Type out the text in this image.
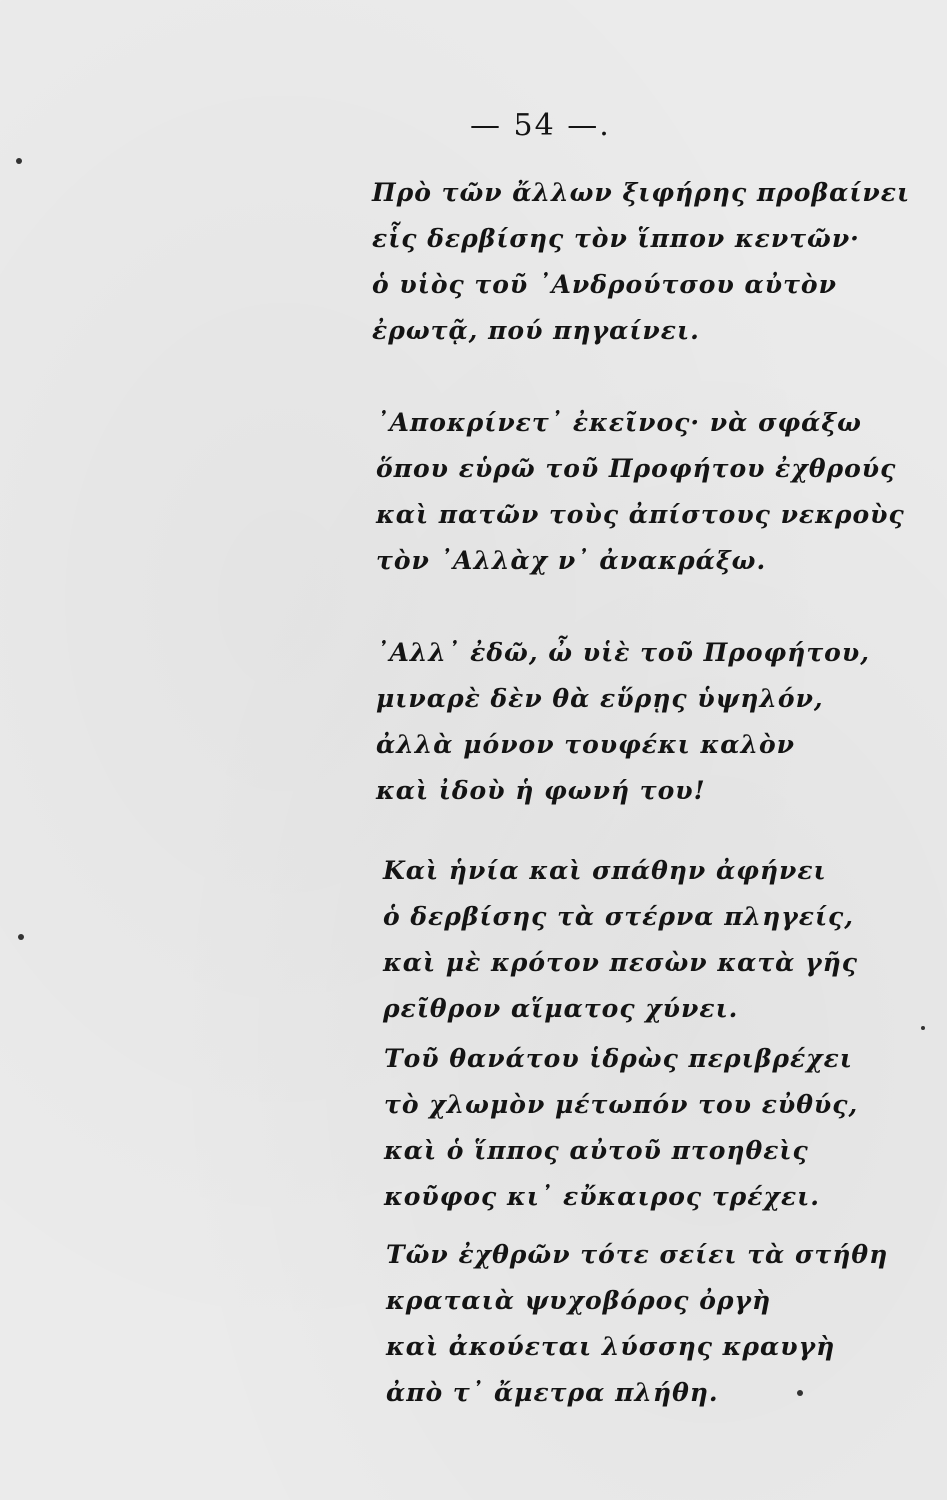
— 54 —.
Πρὸ τῶν ἄλλων ξιφήρης προβαίνει
εἷς δερβίσης τὸν ἵππον κεντῶν·
ὁ υἱὸς τοῦ ᾿Ανδρούτσου αὐτὸν
ἐρωτᾷ, πού πηγαίνει.
᾿Αποκρίνετ᾿ ἐκεῖνος· νὰ σφάξω
ὅπου εὑρῶ τοῦ Προφήτου ἐχθρούς
καὶ πατῶν τοὺς ἀπίστους νεκροὺς
τὸν ᾿Αλλὰχ ν᾿ ἀνακράξω.
᾿Αλλ᾿ ἐδῶ, ὦ υἱὲ τοῦ Προφήτου,
μιναρὲ δὲν θὰ εὕρῃς ὑψηλόν,
ἀλλὰ μόνον τουφέκι καλὸν
καὶ ἰδοὺ ἡ φωνή του!
Καὶ ἡνία καὶ σπάθην ἀφήνει
ὁ δερβίσης τὰ στέρνα πληγείς,
καὶ μὲ κρότον πεσὼν κατὰ γῆς
ρεῖθρον αἵματος χύνει.
Τοῦ θανάτου ἱδρὼς περιβρέχει
τὸ χλωμὸν μέτωπόν του εὐθύς,
καὶ ὁ ἵππος αὐτοῦ πτοηθεὶς
κοῦφος κι᾿ εὔκαιρος τρέχει.
Τῶν ἐχθρῶν τότε σείει τὰ στήθη
κραταιὰ ψυχοβόρος ὀργὴ
καὶ ἀκούεται λύσσης κραυγὴ
ἀπὸ τ᾿ ἄμετρα πλήθη.
